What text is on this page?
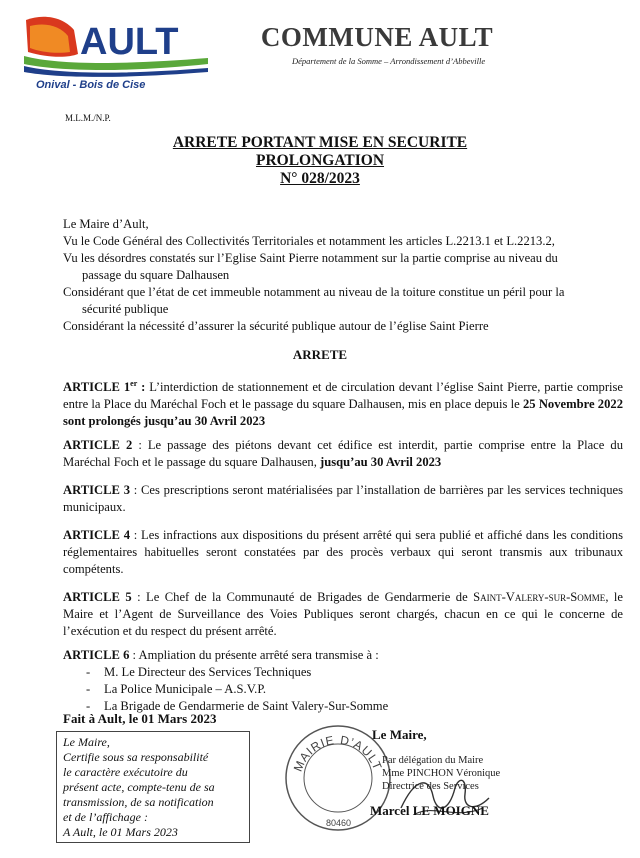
AULT
Onival - Bois de Cise
COMMUNE AULT
Département de la Somme – Arrondissement d’Abbeville
M.L.M./N.P.
ARRETE PORTANT MISE EN SECURITE
PROLONGATION
N° 028/2023

Le Maire d’Ault,

Vu le Code Général des Collectivités Territoriales et notamment les articles L.2213.1 et L.2213.2,

Vu les désordres constatés sur l’Eglise Saint Pierre notamment sur la partie comprise au niveau du

passage du square Dalhausen

Considérant que l’état de cet immeuble notamment au niveau de la toiture constitue un péril pour la

sécurité publique

Considérant la nécessité d’assurer la sécurité publique autour de l’église Saint Pierre

ARRETE

ARTICLE 1er : L’interdiction de stationnement et de circulation devant l’église Saint Pierre, partie comprise entre la Place du Maréchal Foch et le passage du square Dalhausen, mis en place depuis le 25 Novembre 2022 sont prolongés jusqu’au 30 Avril 2023

ARTICLE 2 : Le passage des piétons devant cet édifice est interdit, partie comprise entre la Place du Maréchal Foch et le passage du square Dalhausen, jusqu’au 30 Avril 2023

ARTICLE 3 : Ces prescriptions seront matérialisées par l’installation de barrières par les services techniques municipaux.

ARTICLE 4 : Les infractions aux dispositions du présent arrêté qui sera publié et affiché dans les conditions réglementaires habituelles seront constatées par des procès verbaux qui seront transmis aux tribunaux compétents.

ARTICLE 5 : Le Chef de la Communauté de Brigades de Gendarmerie de Saint-Valery-sur-Somme, le Maire et l’Agent de Surveillance des Voies Publiques seront chargés, chacun en ce qui le concerne de l’exécution et du respect du présent arrêté.

ARTICLE 6 : Ampliation du présente arrêté sera transmise à :

- M. Le Directeur des Services Techniques
- La Police Municipale – A.S.V.P.
- La Brigade de Gendarmerie de Saint Valery-Sur-Somme
Fait à Ault, le 01 Mars 2023
Le Maire,
Certifie sous sa responsabilité
le caractère exécutoire du
présent acte, compte-tenu de sa
transmission, de sa notification
et de l’affichage :
A Ault, le 01 Mars 2023
MAIRIE D’AULT
80460
Le Maire,
Par délégation du Maire
Mme PINCHON Véronique
Directrice des Services
Marcel LE MOIGNE
